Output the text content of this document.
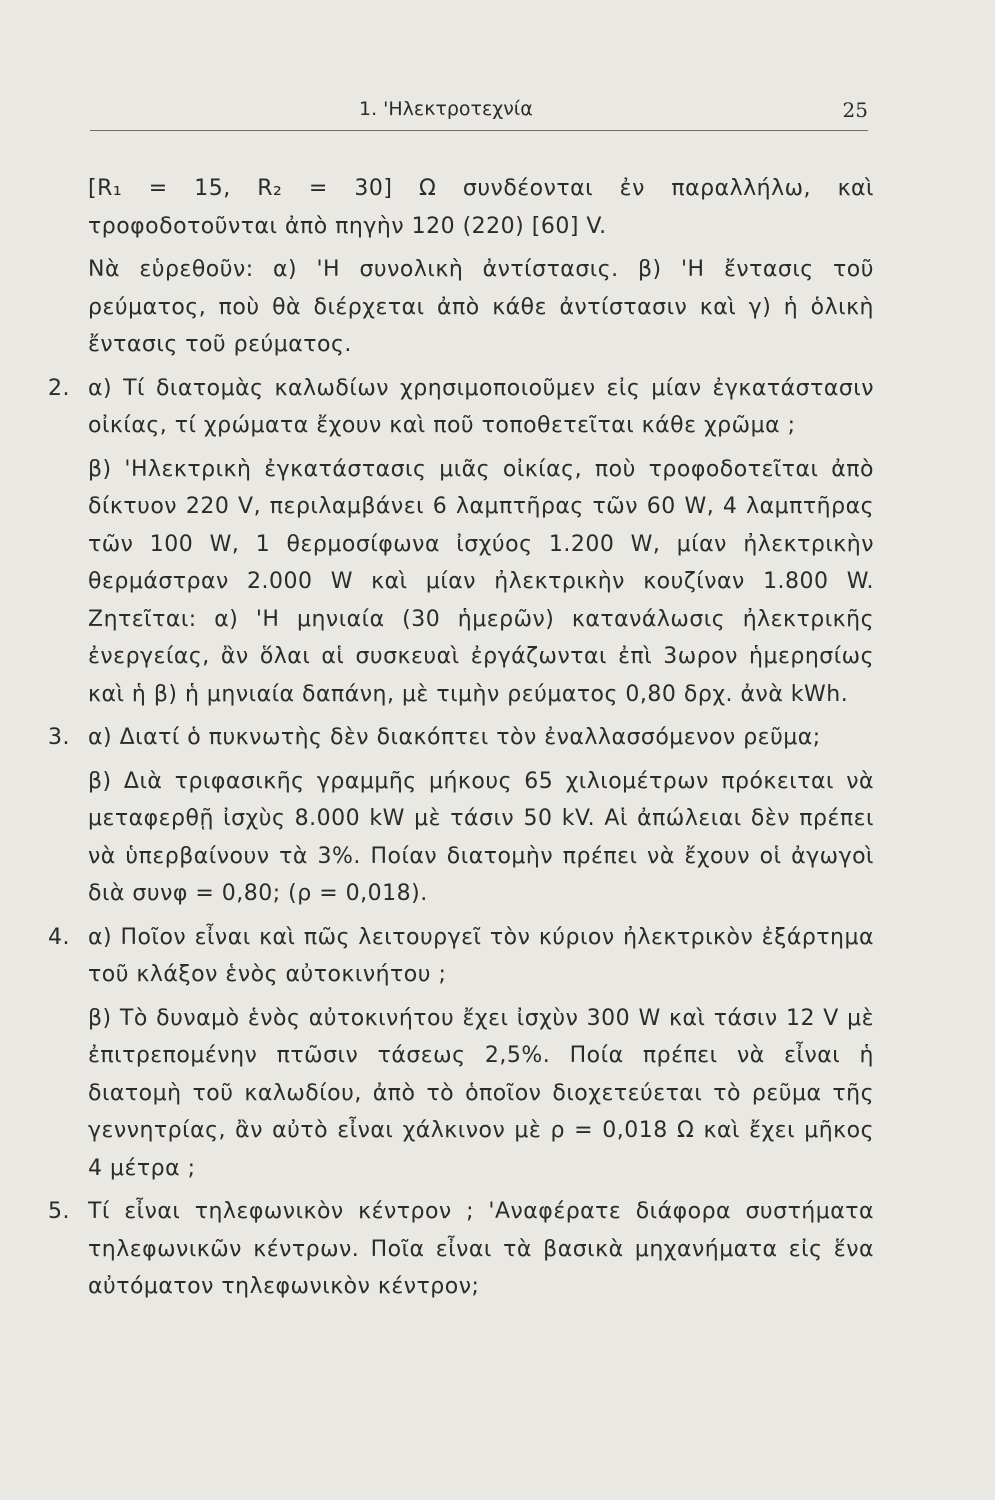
1. 'Ηλεκτροτεχνία	25

[R₁ = 15, R₂ = 30] Ω συνδέονται ἐν παραλλήλω, καὶ τροφοδοτοῦνται ἀπὸ πηγὴν 120 (220) [60] V.

Νὰ εὑρεθοῦν: α) 'Η συνολικὴ ἀντίστασις. β) 'Η ἔντασις τοῦ ρεύματος, ποὺ θὰ διέρχεται ἀπὸ κάθε ἀντίστασιν καὶ γ) ἡ ὁλικὴ ἔντασις τοῦ ρεύματος.

2. α) Τί διατομὰς καλωδίων χρησιμοποιοῦμεν εἰς μίαν ἐγκατάστασιν οἰκίας, τί χρώματα ἔχουν καὶ ποῦ τοποθετεῖται κάθε χρῶμα ;
β) 'Ηλεκτρικὴ ἐγκατάστασις μιᾶς οἰκίας, ποὺ τροφοδοτεῖται ἀπὸ δίκτυον 220 V, περιλαμβάνει 6 λαμπτῆρας τῶν 60 W, 4 λαμπτῆρας τῶν 100 W, 1 θερμοσίφωνα ἰσχύος 1.200 W, μίαν ἠλεκτρικὴν θερμάστραν 2.000 W καὶ μίαν ἠλεκτρικὴν κουζίναν 1.800 W. Ζητεῖται: α) 'Η μηνιαία (30 ἡμερῶν) κατανάλωσις ἠλεκτρικῆς ἐνεργείας, ἂν ὅλαι αἱ συσκευαὶ ἐργάζωνται ἐπὶ 3ωρον ἡμερησίως καὶ ἡ β) ἡ μηνιαία δαπάνη, μὲ τιμὴν ρεύματος 0,80 δρχ. ἀνὰ kWh.
3. α) Διατί ὁ πυκνωτὴς δὲν διακόπτει τὸν ἐναλλασσόμενον ρεῦμα;
β) Διὰ τριφασικῆς γραμμῆς μήκους 65 χιλιομέτρων πρόκειται νὰ μεταφερθῇ ἰσχὺς 8.000 kW μὲ τάσιν 50 kV. Αἱ ἀπώλειαι δὲν πρέπει νὰ ὑπερβαίνουν τὰ 3%. Ποίαν διατομὴν πρέπει νὰ ἔχουν οἱ ἀγωγοὶ διὰ συνφ = 0,80; (ρ = 0,018).
4. α) Ποῖον εἶναι καὶ πῶς λειτουργεῖ τὸν κύριον ἠλεκτρικὸν ἐξάρτημα τοῦ κλάξον ἑνὸς αὐτοκινήτου ;
β) Τὸ δυναμὸ ἑνὸς αὐτοκινήτου ἔχει ἰσχὺν 300 W καὶ τάσιν 12 V μὲ ἐπιτρεπομένην πτῶσιν τάσεως 2,5%. Ποία πρέπει νὰ εἶναι ἡ διατομὴ τοῦ καλωδίου, ἀπὸ τὸ ὁποῖον διοχετεύεται τὸ ρεῦμα τῆς γεννητρίας, ἂν αὐτὸ εἶναι χάλκινον μὲ ρ = 0,018 Ω καὶ ἔχει μῆκος 4 μέτρα ;
5. Τί εἶναι τηλεφωνικὸν κέντρον ; 'Αναφέρατε διάφορα συστήματα τηλεφωνικῶν κέντρων. Ποῖα εἶναι τὰ βασικὰ μηχανήματα εἰς ἕνα αὐτόματον τηλεφωνικὸν κέντρον;
